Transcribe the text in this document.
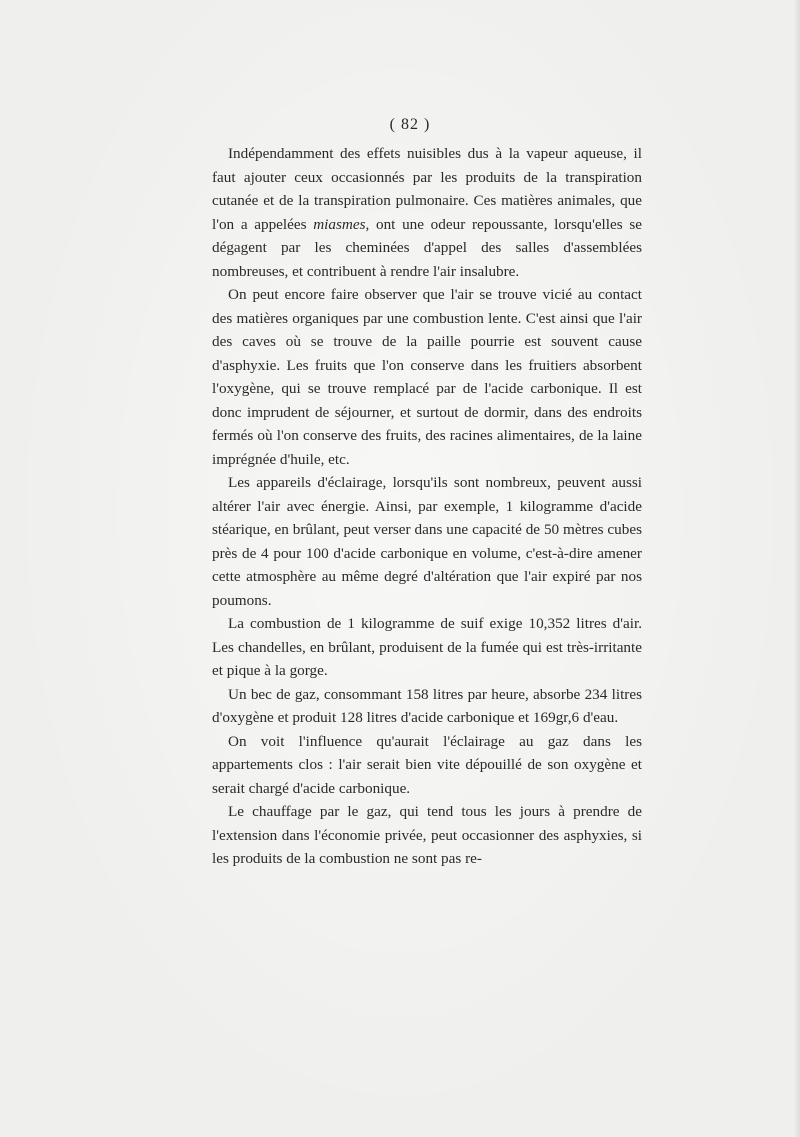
( 82 )

Indépendamment des effets nuisibles dus à la vapeur aqueuse, il faut ajouter ceux occasionnés par les produits de la transpiration cutanée et de la transpiration pulmonaire. Ces matières animales, que l'on a appelées miasmes, ont une odeur repoussante, lorsqu'elles se dégagent par les cheminées d'appel des salles d'assemblées nombreuses, et contribuent à rendre l'air insalubre.

On peut encore faire observer que l'air se trouve vicié au contact des matières organiques par une combustion lente. C'est ainsi que l'air des caves où se trouve de la paille pourrie est souvent cause d'asphyxie. Les fruits que l'on conserve dans les fruitiers absorbent l'oxygène, qui se trouve remplacé par de l'acide carbonique. Il est donc imprudent de séjourner, et surtout de dormir, dans des endroits fermés où l'on conserve des fruits, des racines alimentaires, de la laine imprégnée d'huile, etc.

Les appareils d'éclairage, lorsqu'ils sont nombreux, peuvent aussi altérer l'air avec énergie. Ainsi, par exemple, 1 kilogramme d'acide stéarique, en brûlant, peut verser dans une capacité de 50 mètres cubes près de 4 pour 100 d'acide carbonique en volume, c'est-à-dire amener cette atmosphère au même degré d'altération que l'air expiré par nos poumons.

La combustion de 1 kilogramme de suif exige 10,352 litres d'air. Les chandelles, en brûlant, produisent de la fumée qui est très-irritante et pique à la gorge.

Un bec de gaz, consommant 158 litres par heure, absorbe 234 litres d'oxygène et produit 128 litres d'acide carbonique et 169gr,6 d'eau.

On voit l'influence qu'aurait l'éclairage au gaz dans les appartements clos : l'air serait bien vite dépouillé de son oxygène et serait chargé d'acide carbonique.

Le chauffage par le gaz, qui tend tous les jours à prendre de l'extension dans l'économie privée, peut occasionner des asphyxies, si les produits de la combustion ne sont pas re-
